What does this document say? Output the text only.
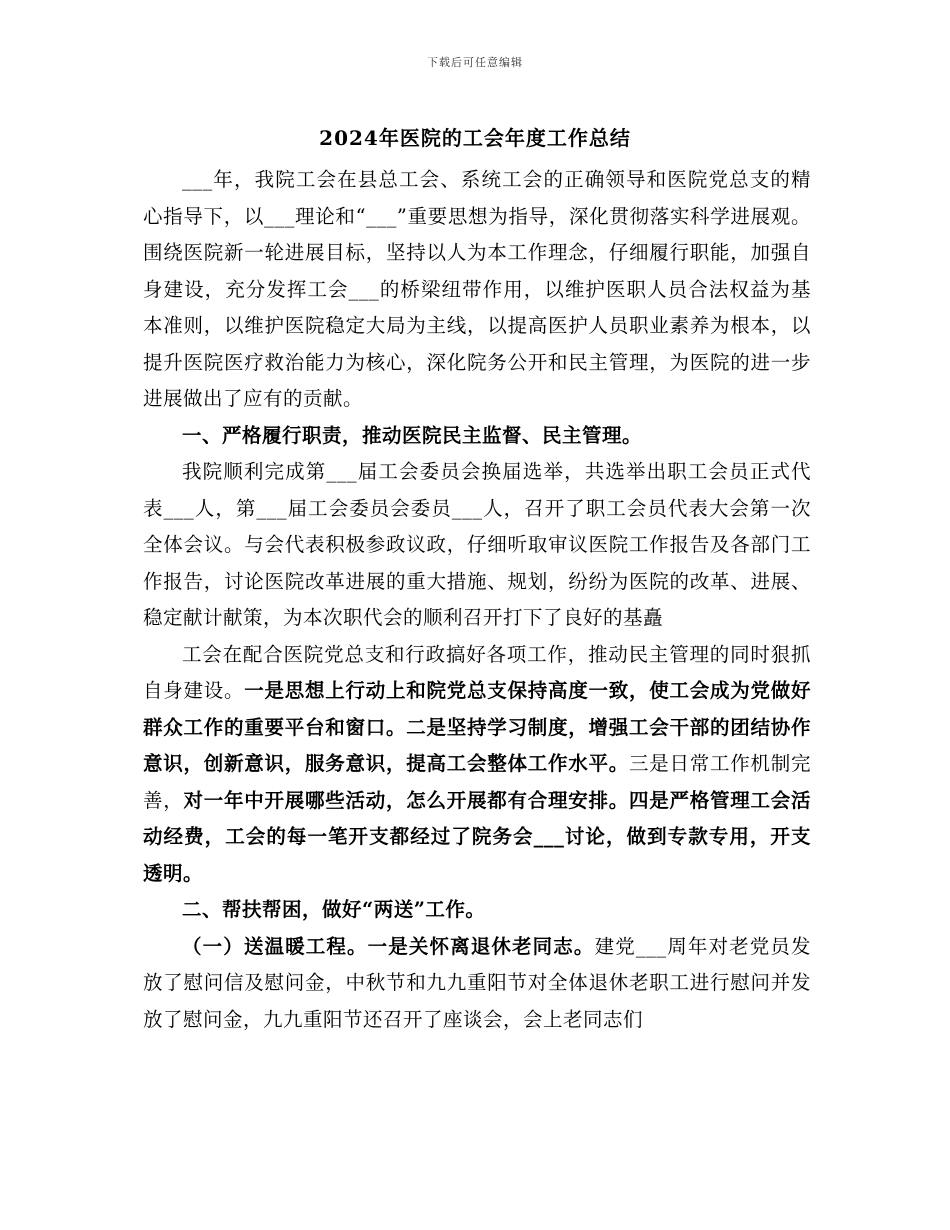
下载后可任意编辑
2024年医院的工会年度工作总结

___年，我院工会在县总工会、系统工会的正确领导和医院党总支的精心指导下，以___理论和“___”重要思想为指导，深化贯彻落实科学进展观。围绕医院新一轮进展目标，坚持以人为本工作理念，仔细履行职能，加强自身建设，充分发挥工会___的桥梁纽带作用，以维护医职人员合法权益为基本准则，以维护医院稳定大局为主线，以提高医护人员职业素养为根本，以提升医院医疗救治能力为核心，深化院务公开和民主管理，为医院的进一步进展做出了应有的贡献。

一、严格履行职责，推动医院民主监督、民主管理。

我院顺利完成第___届工会委员会换届选举，共选举出职工会员正式代表___人，第___届工会委员会委员___人，召开了职工会员代表大会第一次全体会议。与会代表积极参政议政，仔细听取审议医院工作报告及各部门工作报告，讨论医院改革进展的重大措施、规划，纷纷为医院的改革、进展、稳定献计献策，为本次职代会的顺利召开打下了良好的基矗

工会在配合医院党总支和行政搞好各项工作，推动民主管理的同时狠抓自身建设。一是思想上行动上和院党总支保持高度一致，使工会成为党做好群众工作的重要平台和窗口。二是坚持学习制度，增强工会干部的团结协作意识，创新意识，服务意识，提高工会整体工作水平。三是日常工作机制完善，对一年中开展哪些活动，怎么开展都有合理安排。四是严格管理工会活动经费，工会的每一笔开支都经过了院务会___讨论，做到专款专用，开支透明。

二、帮扶帮困，做好“两送”工作。

（一）送温暖工程。一是关怀离退休老同志。建党___周年对老党员发放了慰问信及慰问金，中秋节和九九重阳节对全体退休老职工进行慰问并发放了慰问金，九九重阳节还召开了座谈会，会上老同志们
